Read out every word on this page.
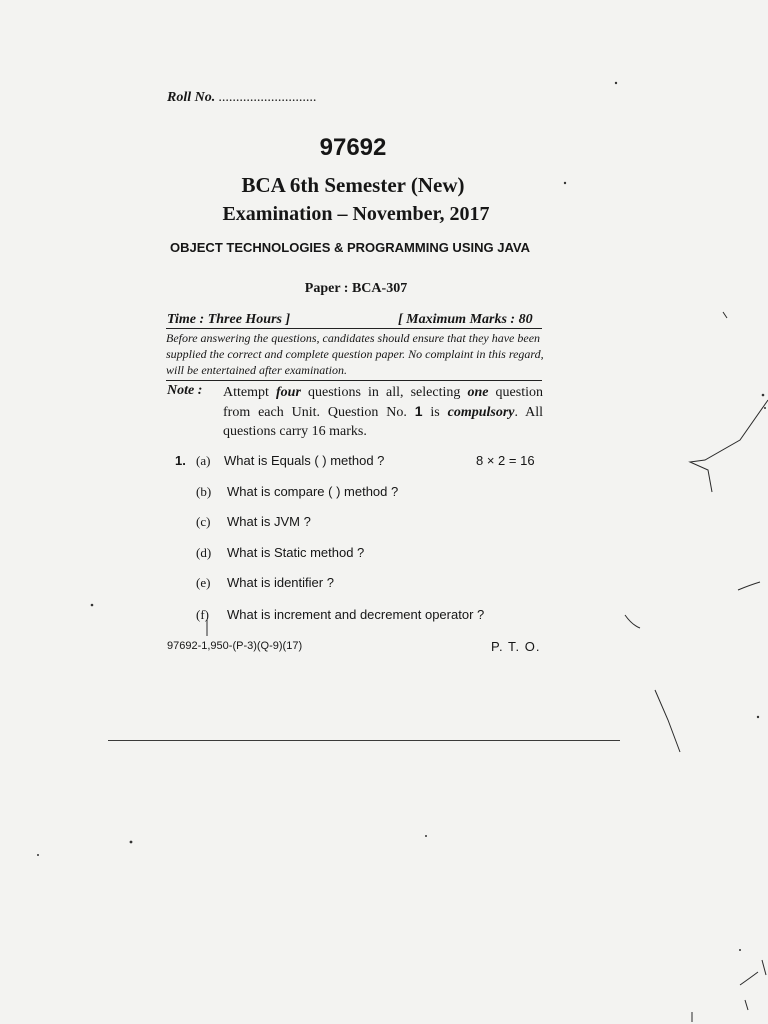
Roll No. ............................
97692
BCA 6th Semester (New)
Examination – November, 2017
OBJECT TECHNOLOGIES & PROGRAMMING USING JAVA
Paper : BCA-307
Time : Three Hours ]	[ Maximum Marks : 80
Before answering the questions, candidates should ensure that they have been supplied the correct and complete question paper. No complaint in this regard, will be entertained after examination.
Note : Attempt four questions in all, selecting one question from each Unit. Question No. 1 is compulsory. All questions carry 16 marks.
1.	8 × 2 = 16
(a) What is Equals ( ) method ?
(b) What is compare ( ) method ?
(c) What is JVM ?
(d) What is Static method ?
(e) What is identifier ?
(f) What is increment and decrement operator ?
97692-1,950-(P-3)(Q-9)(17)	P. T. O.
